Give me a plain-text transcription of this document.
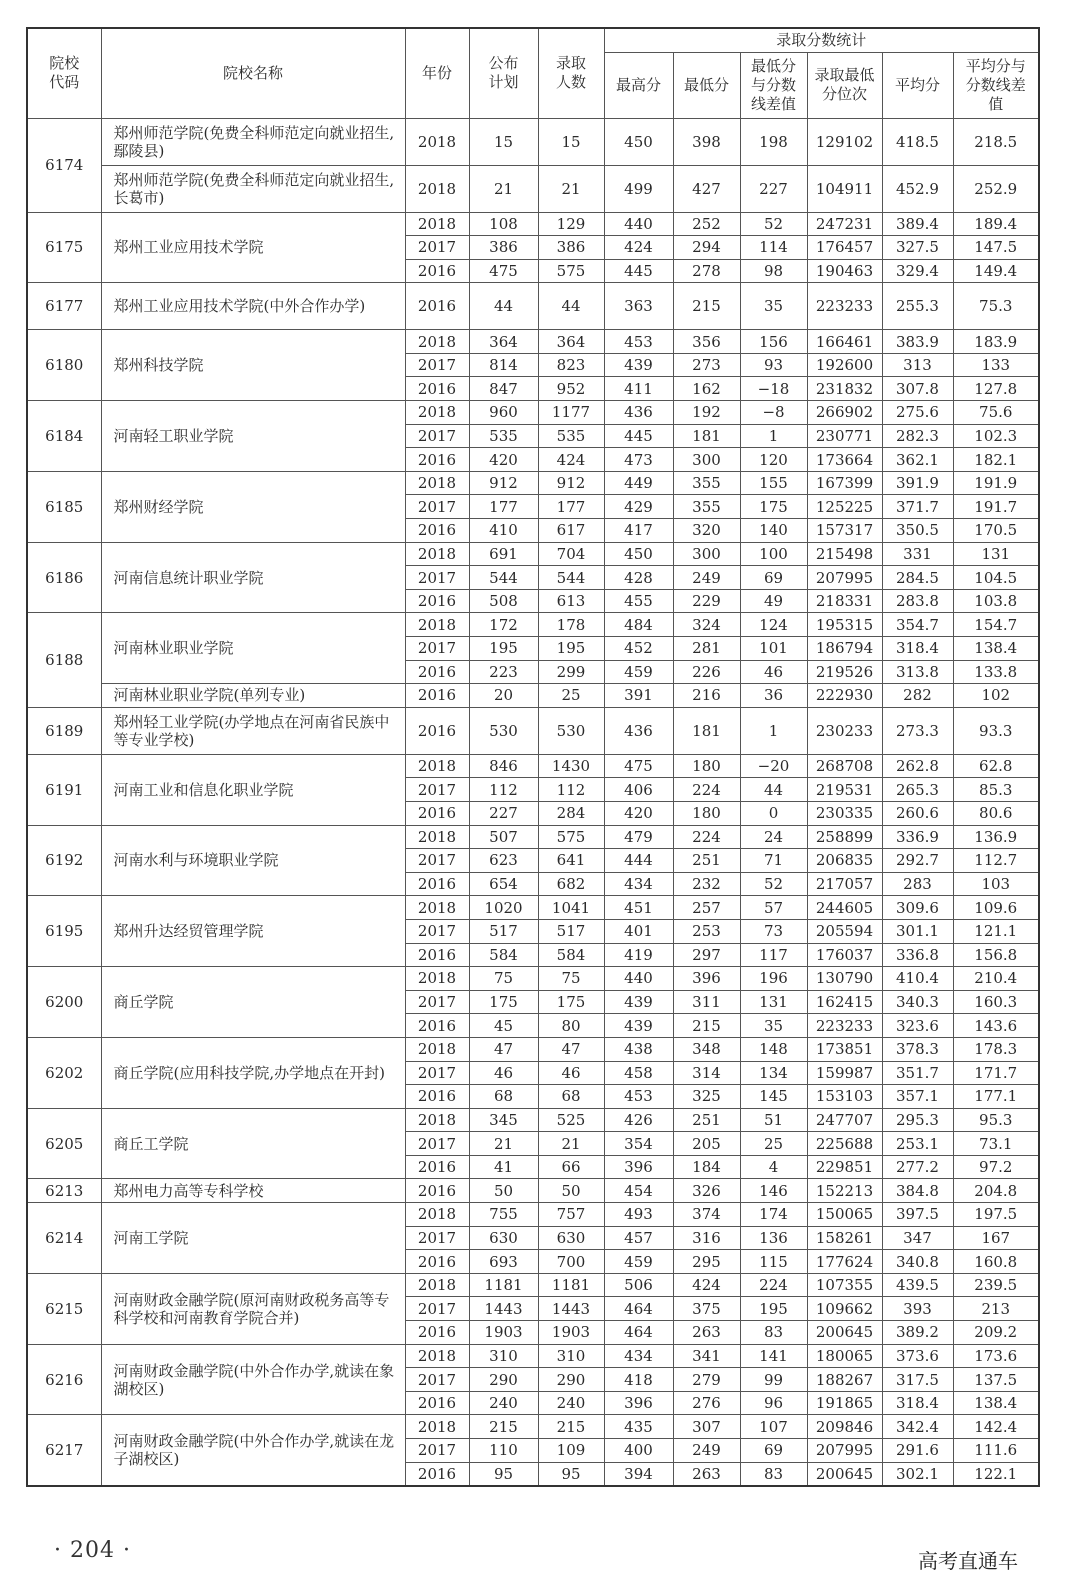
院校代码	院校名称	年份	公布计划	录取人数	录取分数统计					
					最高分	最低分	最低分与分数线差值	录取最低分位次	平均分	平均分与分数线差值
6174	郑州师范学院(免费全科师范定向就业招生,鄢陵县)	2018	15	15	450	398	198	129102	418.5	218.5
	郑州师范学院(免费全科师范定向就业招生,长葛市)	2018	21	21	499	427	227	104911	452.9	252.9
6175	郑州工业应用技术学院	2018	108	129	440	252	52	247231	389.4	189.4
		2017	386	386	424	294	114	176457	327.5	147.5
		2016	475	575	445	278	98	190463	329.4	149.4
6177	郑州工业应用技术学院(中外合作办学)	2016	44	44	363	215	35	223233	255.3	75.3
6180	郑州科技学院	2018	364	364	453	356	156	166461	383.9	183.9
		2017	814	823	439	273	93	192600	313	133
		2016	847	952	411	162	−18	231832	307.8	127.8
6184	河南轻工职业学院	2018	960	1177	436	192	−8	266902	275.6	75.6
		2017	535	535	445	181	1	230771	282.3	102.3
		2016	420	424	473	300	120	173664	362.1	182.1
6185	郑州财经学院	2018	912	912	449	355	155	167399	391.9	191.9
		2017	177	177	429	355	175	125225	371.7	191.7
		2016	410	617	417	320	140	157317	350.5	170.5
6186	河南信息统计职业学院	2018	691	704	450	300	100	215498	331	131
		2017	544	544	428	249	69	207995	284.5	104.5
		2016	508	613	455	229	49	218331	283.8	103.8
6188	河南林业职业学院	2018	172	178	484	324	124	195315	354.7	154.7
		2017	195	195	452	281	101	186794	318.4	138.4
		2016	223	299	459	226	46	219526	313.8	133.8
	河南林业职业学院(单列专业)	2016	20	25	391	216	36	222930	282	102
6189	郑州轻工业学院(办学地点在河南省民族中等专业学校)	2016	530	530	436	181	1	230233	273.3	93.3
6191	河南工业和信息化职业学院	2018	846	1430	475	180	−20	268708	262.8	62.8
		2017	112	112	406	224	44	219531	265.3	85.3
		2016	227	284	420	180	0	230335	260.6	80.6
6192	河南水利与环境职业学院	2018	507	575	479	224	24	258899	336.9	136.9
		2017	623	641	444	251	71	206835	292.7	112.7
		2016	654	682	434	232	52	217057	283	103
6195	郑州升达经贸管理学院	2018	1020	1041	451	257	57	244605	309.6	109.6
		2017	517	517	401	253	73	205594	301.1	121.1
		2016	584	584	419	297	117	176037	336.8	156.8
6200	商丘学院	2018	75	75	440	396	196	130790	410.4	210.4
		2017	175	175	439	311	131	162415	340.3	160.3
		2016	45	80	439	215	35	223233	323.6	143.6
6202	商丘学院(应用科技学院,办学地点在开封)	2018	47	47	438	348	148	173851	378.3	178.3
		2017	46	46	458	314	134	159987	351.7	171.7
		2016	68	68	453	325	145	153103	357.1	177.1
6205	商丘工学院	2018	345	525	426	251	51	247707	295.3	95.3
		2017	21	21	354	205	25	225688	253.1	73.1
		2016	41	66	396	184	4	229851	277.2	97.2
6213	郑州电力高等专科学校	2016	50	50	454	326	146	152213	384.8	204.8
6214	河南工学院	2018	755	757	493	374	174	150065	397.5	197.5
		2017	630	630	457	316	136	158261	347	167
		2016	693	700	459	295	115	177624	340.8	160.8
6215	河南财政金融学院(原河南财政税务高等专科学校和河南教育学院合并)	2018	1181	1181	506	424	224	107355	439.5	239.5
		2017	1443	1443	464	375	195	109662	393	213
		2016	1903	1903	464	263	83	200645	389.2	209.2
6216	河南财政金融学院(中外合作办学,就读在象湖校区)	2018	310	310	434	341	141	180065	373.6	173.6
		2017	290	290	418	279	99	188267	317.5	137.5
		2016	240	240	396	276	96	191865	318.4	138.4
6217	河南财政金融学院(中外合作办学,就读在龙子湖校区)	2018	215	215	435	307	107	209846	342.4	142.4
		2017	110	109	400	249	69	207995	291.6	111.6
		2016	95	95	394	263	83	200645	302.1	122.1
· 204 ·	高考直通车
